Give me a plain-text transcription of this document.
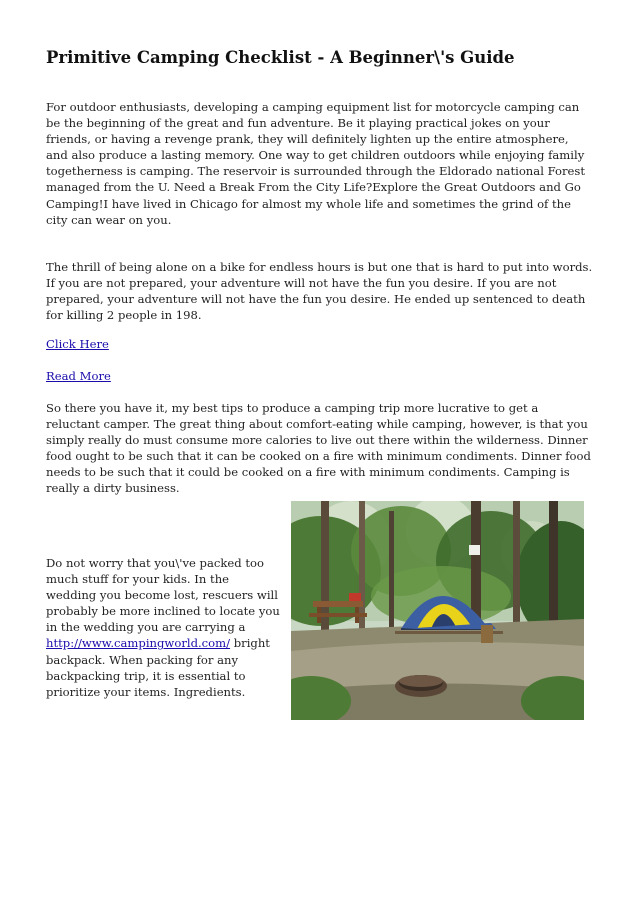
Primitive Camping Checklist - A Beginner\'s Guide

For outdoor enthusiasts, developing a camping equipment list for motorcycle camping can be the beginning of the great and fun adventure. Be it playing practical jokes on your friends, or having a revenge prank, they will definitely lighten up the entire atmosphere, and also produce a lasting memory. One way to get children outdoors while enjoying family togetherness is camping. The reservoir is surrounded through the Eldorado national Forest managed from the U. Need a Break From the City Life?Explore the Great Outdoors and Go Camping!I have lived in Chicago for almost my whole life and sometimes the grind of the city can wear on you.

The thrill of being alone on a bike for endless hours is but one that is hard to put into words. If you are not prepared, your adventure will not have the fun you desire. If you are not prepared, your adventure will not have the fun you desire. He ended up sentenced to death for killing 2 people in 198.

Click Here
Read More

So there you have it, my best tips to produce a camping trip more lucrative to get a reluctant camper. The great thing about comfort-eating while camping, however, is that you simply really do must consume more calories to live out there within the wilderness. Dinner food ought to be such that it can be cooked on a fire with minimum condiments. Dinner food needs to be such that it could be cooked on a fire with minimum condiments. Camping is really a dirty business.

Do not worry that you\'ve packed too much stuff for your kids. In the wedding you become lost, rescuers will probably be more inclined to locate you in the wedding you are carrying a http://www.campingworld.com/ bright backpack. When packing for any backpacking trip, it is essential to prioritize your items. Ingredients.
